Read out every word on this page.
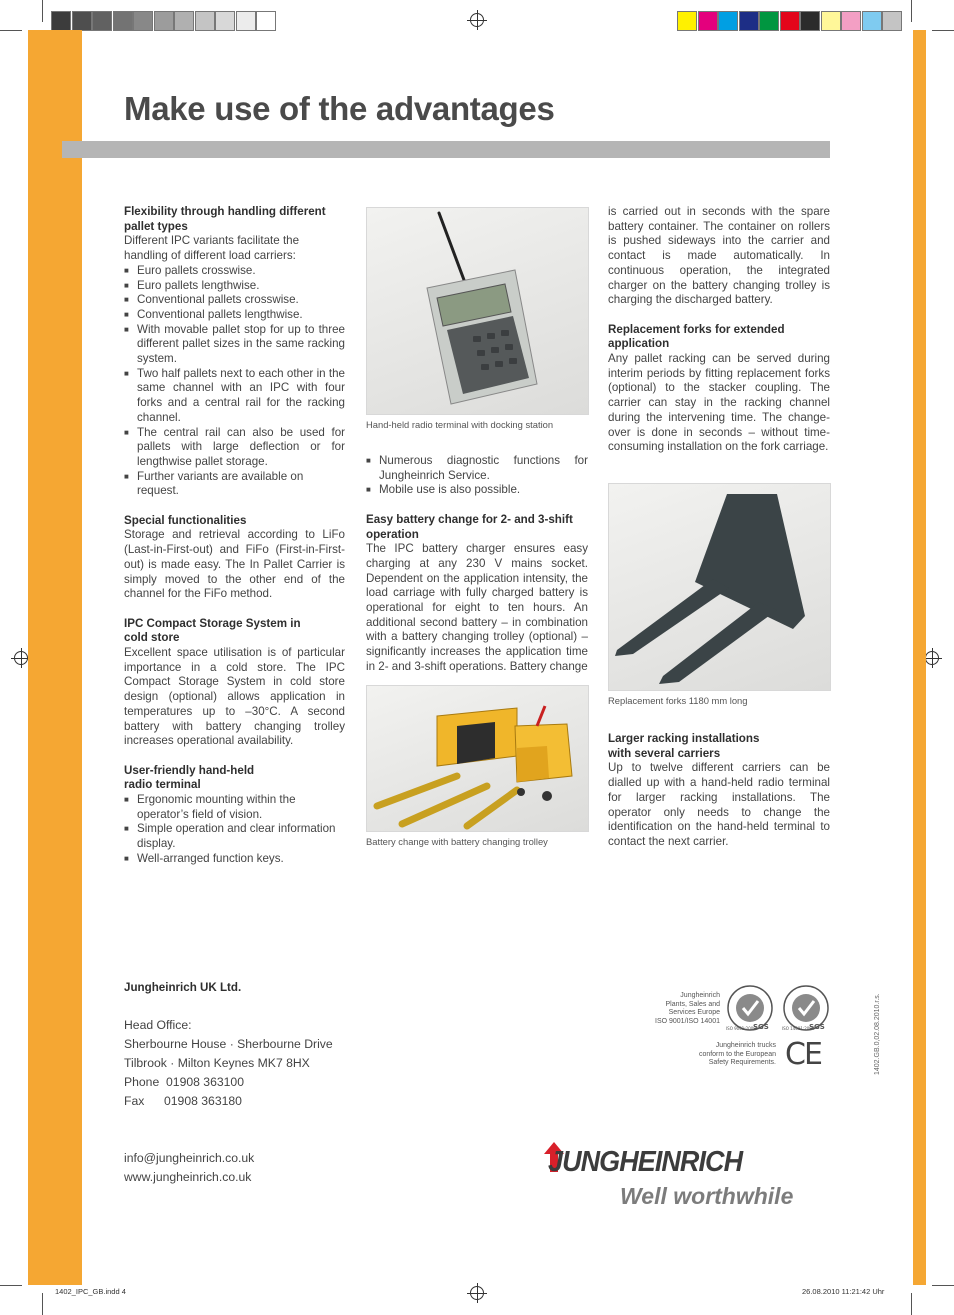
Make use of the advantages
Flexibility through handling different pallet types

Different IPC variants facilitate the handling of different load carriers:

■ Euro pallets crosswise.
■ Euro pallets lengthwise.
■ Conventional pallets crosswise.
■ Conventional pallets lengthwise.
■ With movable pallet stop for up to three different pallet sizes in the same racking system.
■ Two half pallets next to each other in the same channel with an IPC with four forks and a central rail for the racking channel.
■ The central rail can also be used for pallets with large deflection or for lengthwise pallet storage.
■ Further variants are available on request.
Special functionalities

Storage and retrieval according to LiFo (Last-in-First-out) and FiFo (First-in-First-out) is made easy. The In Pallet Carrier is simply moved to the other end of the channel for the FiFo method.

IPC Compact Storage System in
cold store

Excellent space utilisation is of particular importance in a cold store. The IPC Compact Storage System in cold store design (optional) allows application in temperatures up to –30°C. A second battery with battery changing trolley increases operational availability.

User-friendly hand-held
radio terminal
■ Ergonomic mounting within the operator’s field of vision.
■ Simple operation and clear information display.
■ Well-arranged function keys.
Hand-held radio terminal with docking station
■ Numerous diagnostic functions for Jungheinrich Service.
■ Mobile use is also possible.
Easy battery change for 2- and 3-shift operation

The IPC battery charger ensures easy charging at any 230 V mains socket. Dependent on the application intensity, the load carriage with fully charged battery is operational for eight to ten hours. An additional second battery – in combination with a battery changing trolley (optional) – significantly increases the application time in 2- and 3-shift operations. Battery change

Battery change with battery changing trolley

is carried out in seconds with the spare battery container. The container on rollers is pushed sideways into the carrier and contact is made automatically. In continuous operation, the integrated charger on the battery changing trolley is charging the discharged battery.

Replacement forks for extended application

Any pallet racking can be served during interim periods by fitting replacement forks (optional) to the stacker coupling. The carrier can stay in the racking channel during the intervening time. The change-over is done in seconds – without time-consuming installation on the fork carriage.

Replacement forks 1180 mm long
Larger racking installations
with several carriers

Up to twelve different carriers can be dialled up with a hand-held radio terminal for larger racking installations. The operator only needs to change the identification on the hand-held terminal to contact the next carrier.

Jungheinrich UK Ltd.
Head Office:
Sherbourne House · Sherbourne Drive
Tilbrook · Milton Keynes MK7 8HX
Phone 01908 363100
Fax 01908 363180
info@jungheinrich.co.uk
www.jungheinrich.co.uk
Jungheinrich
Plants, Sales and
Services Europe
ISO 9001/ISO 14001
SGS
ISO 9001:2000	SGS
ISO 14001:2004
Jungheinrich trucks
conform to the European
Safety Requirements. CE	1402.GB.0,02.08.2010.r.s.
JUNGHEINRICH
Well worthwhile
1402_IPC_GB.indd 4	26.08.2010 11:21:42 Uhr
